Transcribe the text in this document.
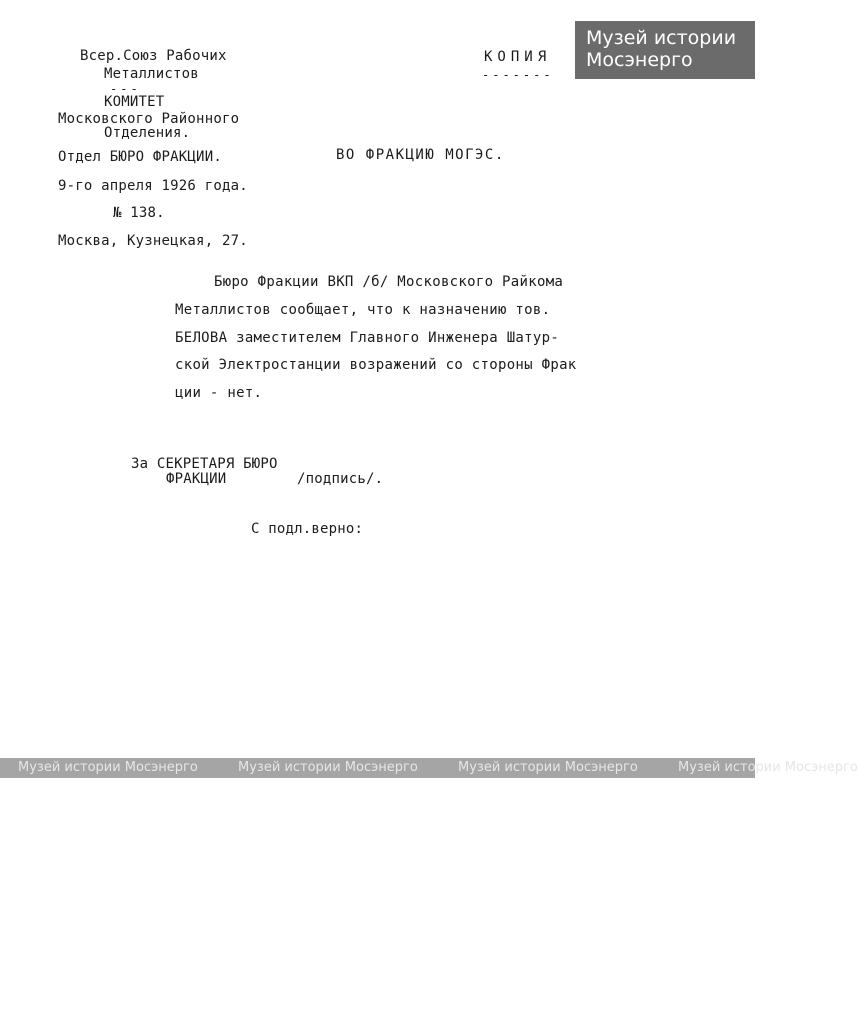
Всер.Союз Рабочих
Металлистов
---
КОМИТЕТ
Московского Районного
Отделения.
Отдел БЮРО ФРАКЦИИ.
9-го апреля 1926 года.
№ 138.
Москва, Кузнецкая, 27.
КОПИЯ
-------
ВО ФРАКЦИЮ МОГЭС.
Бюро Фракции ВКП /б/ Московского Райкома
Металлистов сообщает, что к назначению тов.
БЕЛОВА заместителем Главного Инженера Шатур-
ской Электростанции возражений со стороны Фрак
ции - нет.
За СЕКРЕТАРЯ БЮРО
ФРАКЦИИ	/подпись/.
С подл.верно:
Музей истории
Мосэнерго
Музей истории Мосэнерго	Музей истории Мосэнерго	Музей истории Мосэнерго	Музей истории Мосэнерго
